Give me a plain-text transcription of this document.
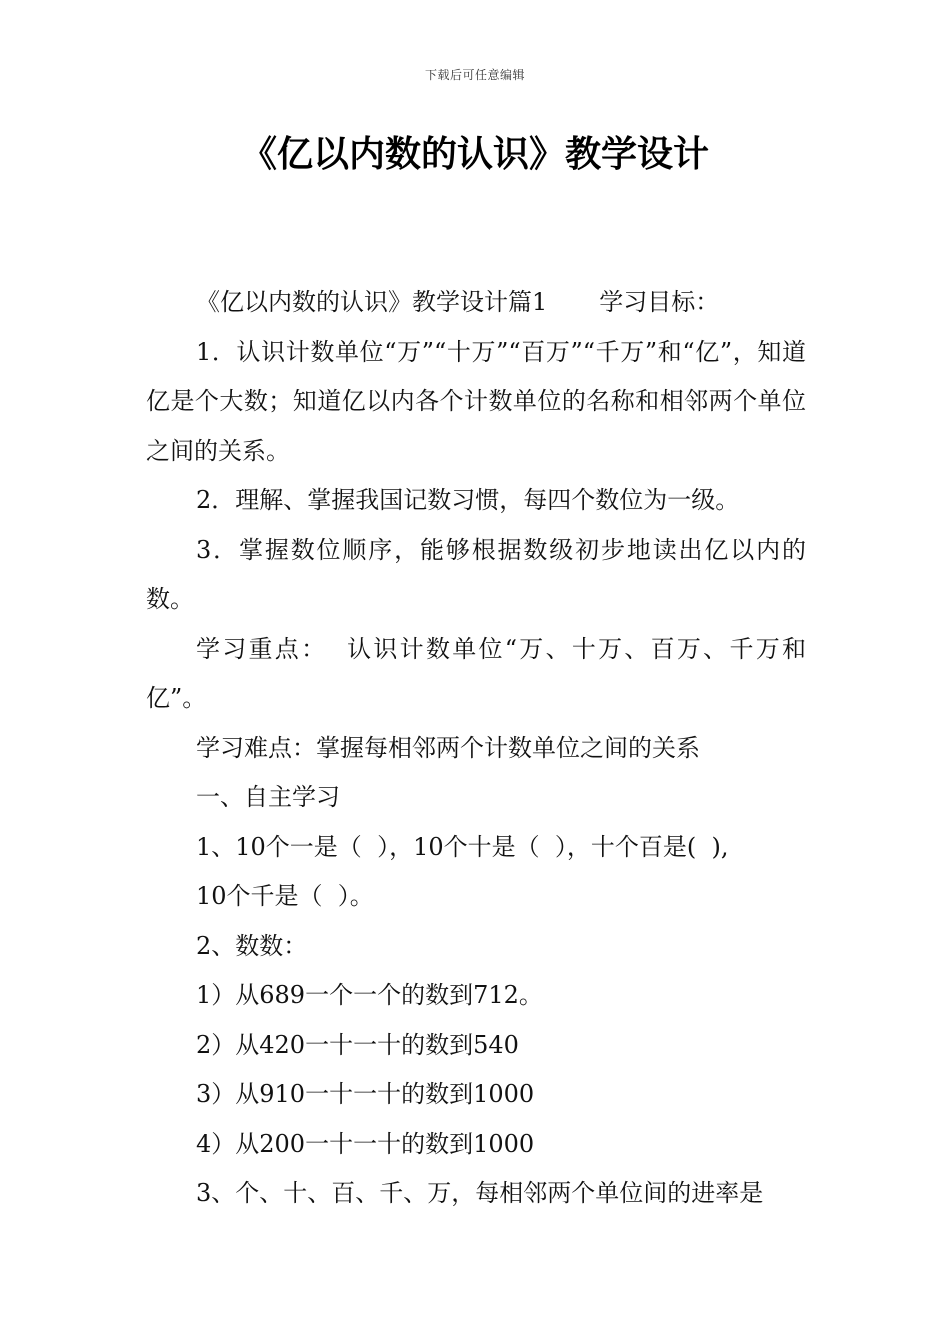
下载后可任意编辑
《亿以内数的认识》教学设计

《亿以内数的认识》教学设计篇1 学习目标：

1．认识计数单位“万”“十万”“百万”“千万”和“亿”，知道亿是个大数；知道亿以内各个计数单位的名称和相邻两个单位之间的关系。

2．理解、掌握我国记数习惯，每四个数位为一级。

3．掌握数位顺序，能够根据数级初步地读出亿以内的数。

学习重点：  认识计数单位“万、十万、百万、千万和亿”。

学习难点：掌握每相邻两个计数单位之间的关系

一、自主学习

1、10个一是（  ），10个十是（  ），十个百是(  ),

10个千是（  ）。

2、数数：

1）从689一个一个的数到712。

2）从420一十一十的数到540

3）从910一十一十的数到1000

4）从200一十一十的数到1000

3、个、十、百、千、万，每相邻两个单位间的进率是
